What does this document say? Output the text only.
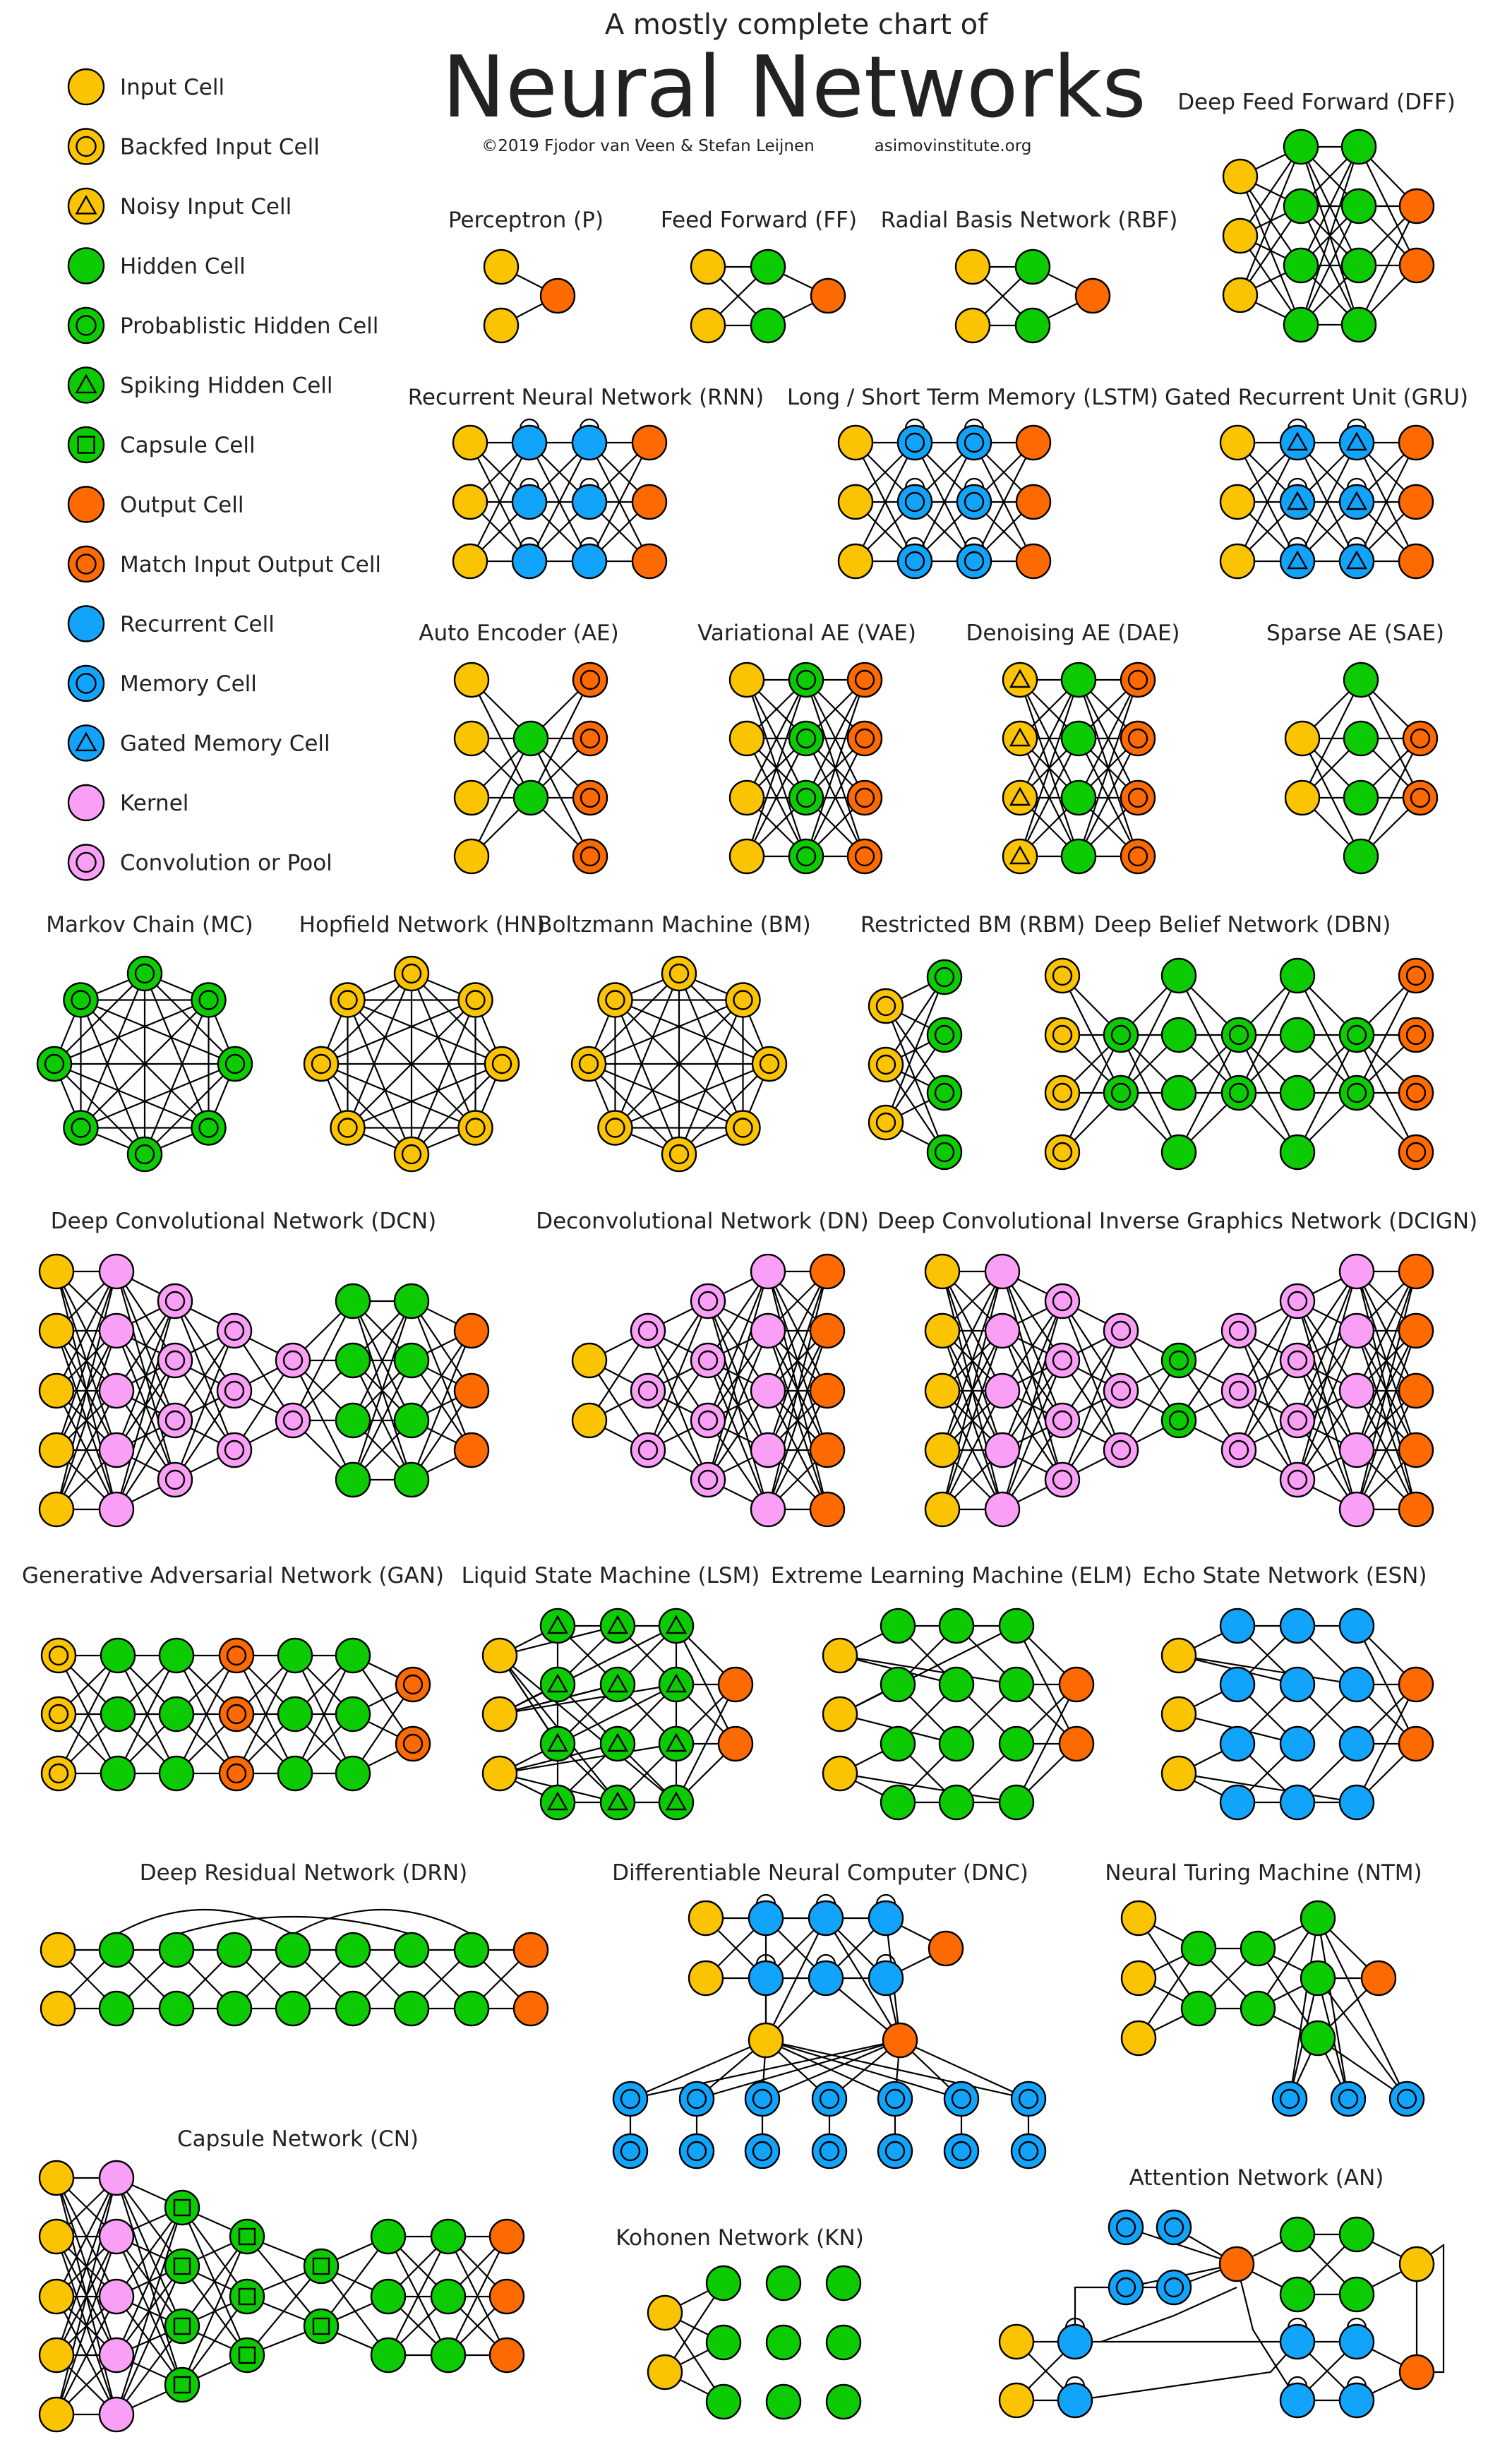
A mostly complete chart of
Neural Networks
©2019 Fjodor van Veen & Stefan Leijnen	asimovinstitute.org
Input Cell
Backfed Input Cell
Noisy Input Cell
Hidden Cell
Probablistic Hidden Cell
Spiking Hidden Cell
Capsule Cell
Output Cell
Match Input Output Cell
Recurrent Cell
Memory Cell
Gated Memory Cell
Kernel
Convolution or Pool
Perceptron (P)	Feed Forward (FF) Radial Basis Network (RBF)
Deep Feed Forward (DFF)
Recurrent Neural Network (RNN) Long / Short Term Memory (LSTM) Gated Recurrent Unit (GRU)
Auto Encoder (AE)	Variational AE (VAE) Denoising AE (DAE)	Sparse AE (SAE)
Markov Chain (MC) Hopfield Network (HN)
Boltzmann Machine (BM) Restricted BM (RBM) Deep Belief Network (DBN)
Deep Convolutional Network (DCN)	Deconvolutional Network (DN) Deep Convolutional Inverse Graphics Network (DCIGN)
Generative Adversarial Network (GAN) Liquid State Machine (LSM) Extreme Learning Machine (ELM) Echo State Network (ESN)
Deep Residual Network (DRN)	Differentiable Neural Computer (DNC)	Neural Turing Machine (NTM)
Capsule Network (CN)
Kohonen Network (KN)
Attention Network (AN)
